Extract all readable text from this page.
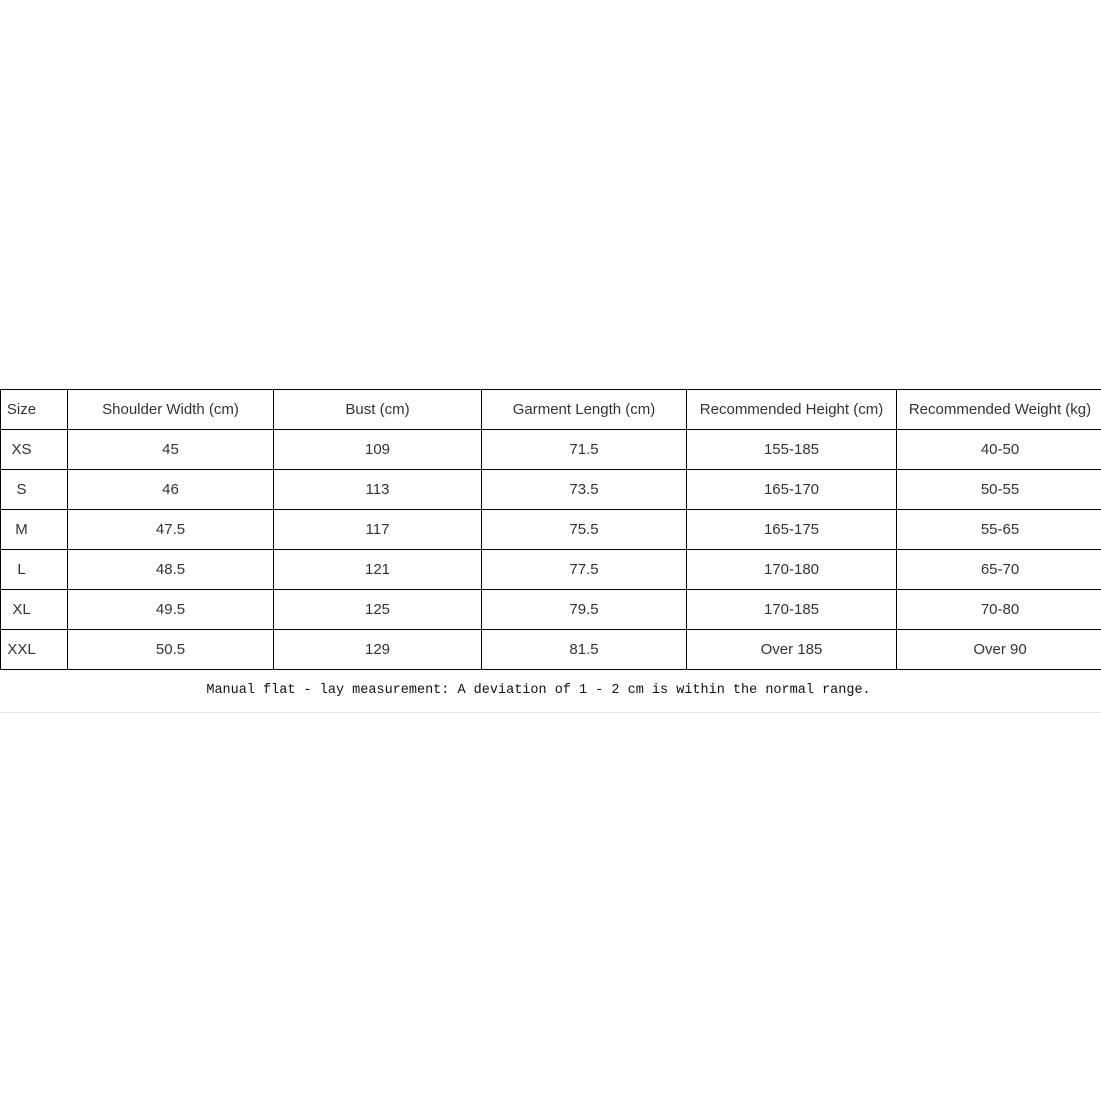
Size	Shoulder Width (cm)	Bust (cm)	Garment Length (cm)	Recommended Height (cm)	Recommended Weight (kg)
XS	45	109	71.5	155-185	40-50
S	46	113	73.5	165-170	50-55
M	47.5	117	75.5	165-175	55-65
L	48.5	121	77.5	170-180	65-70
XL	49.5	125	79.5	170-185	70-80
XXL	50.5	129	81.5	Over 185	Over 90
Manual flat - lay measurement: A deviation of 1 - 2 cm is within the normal range.
